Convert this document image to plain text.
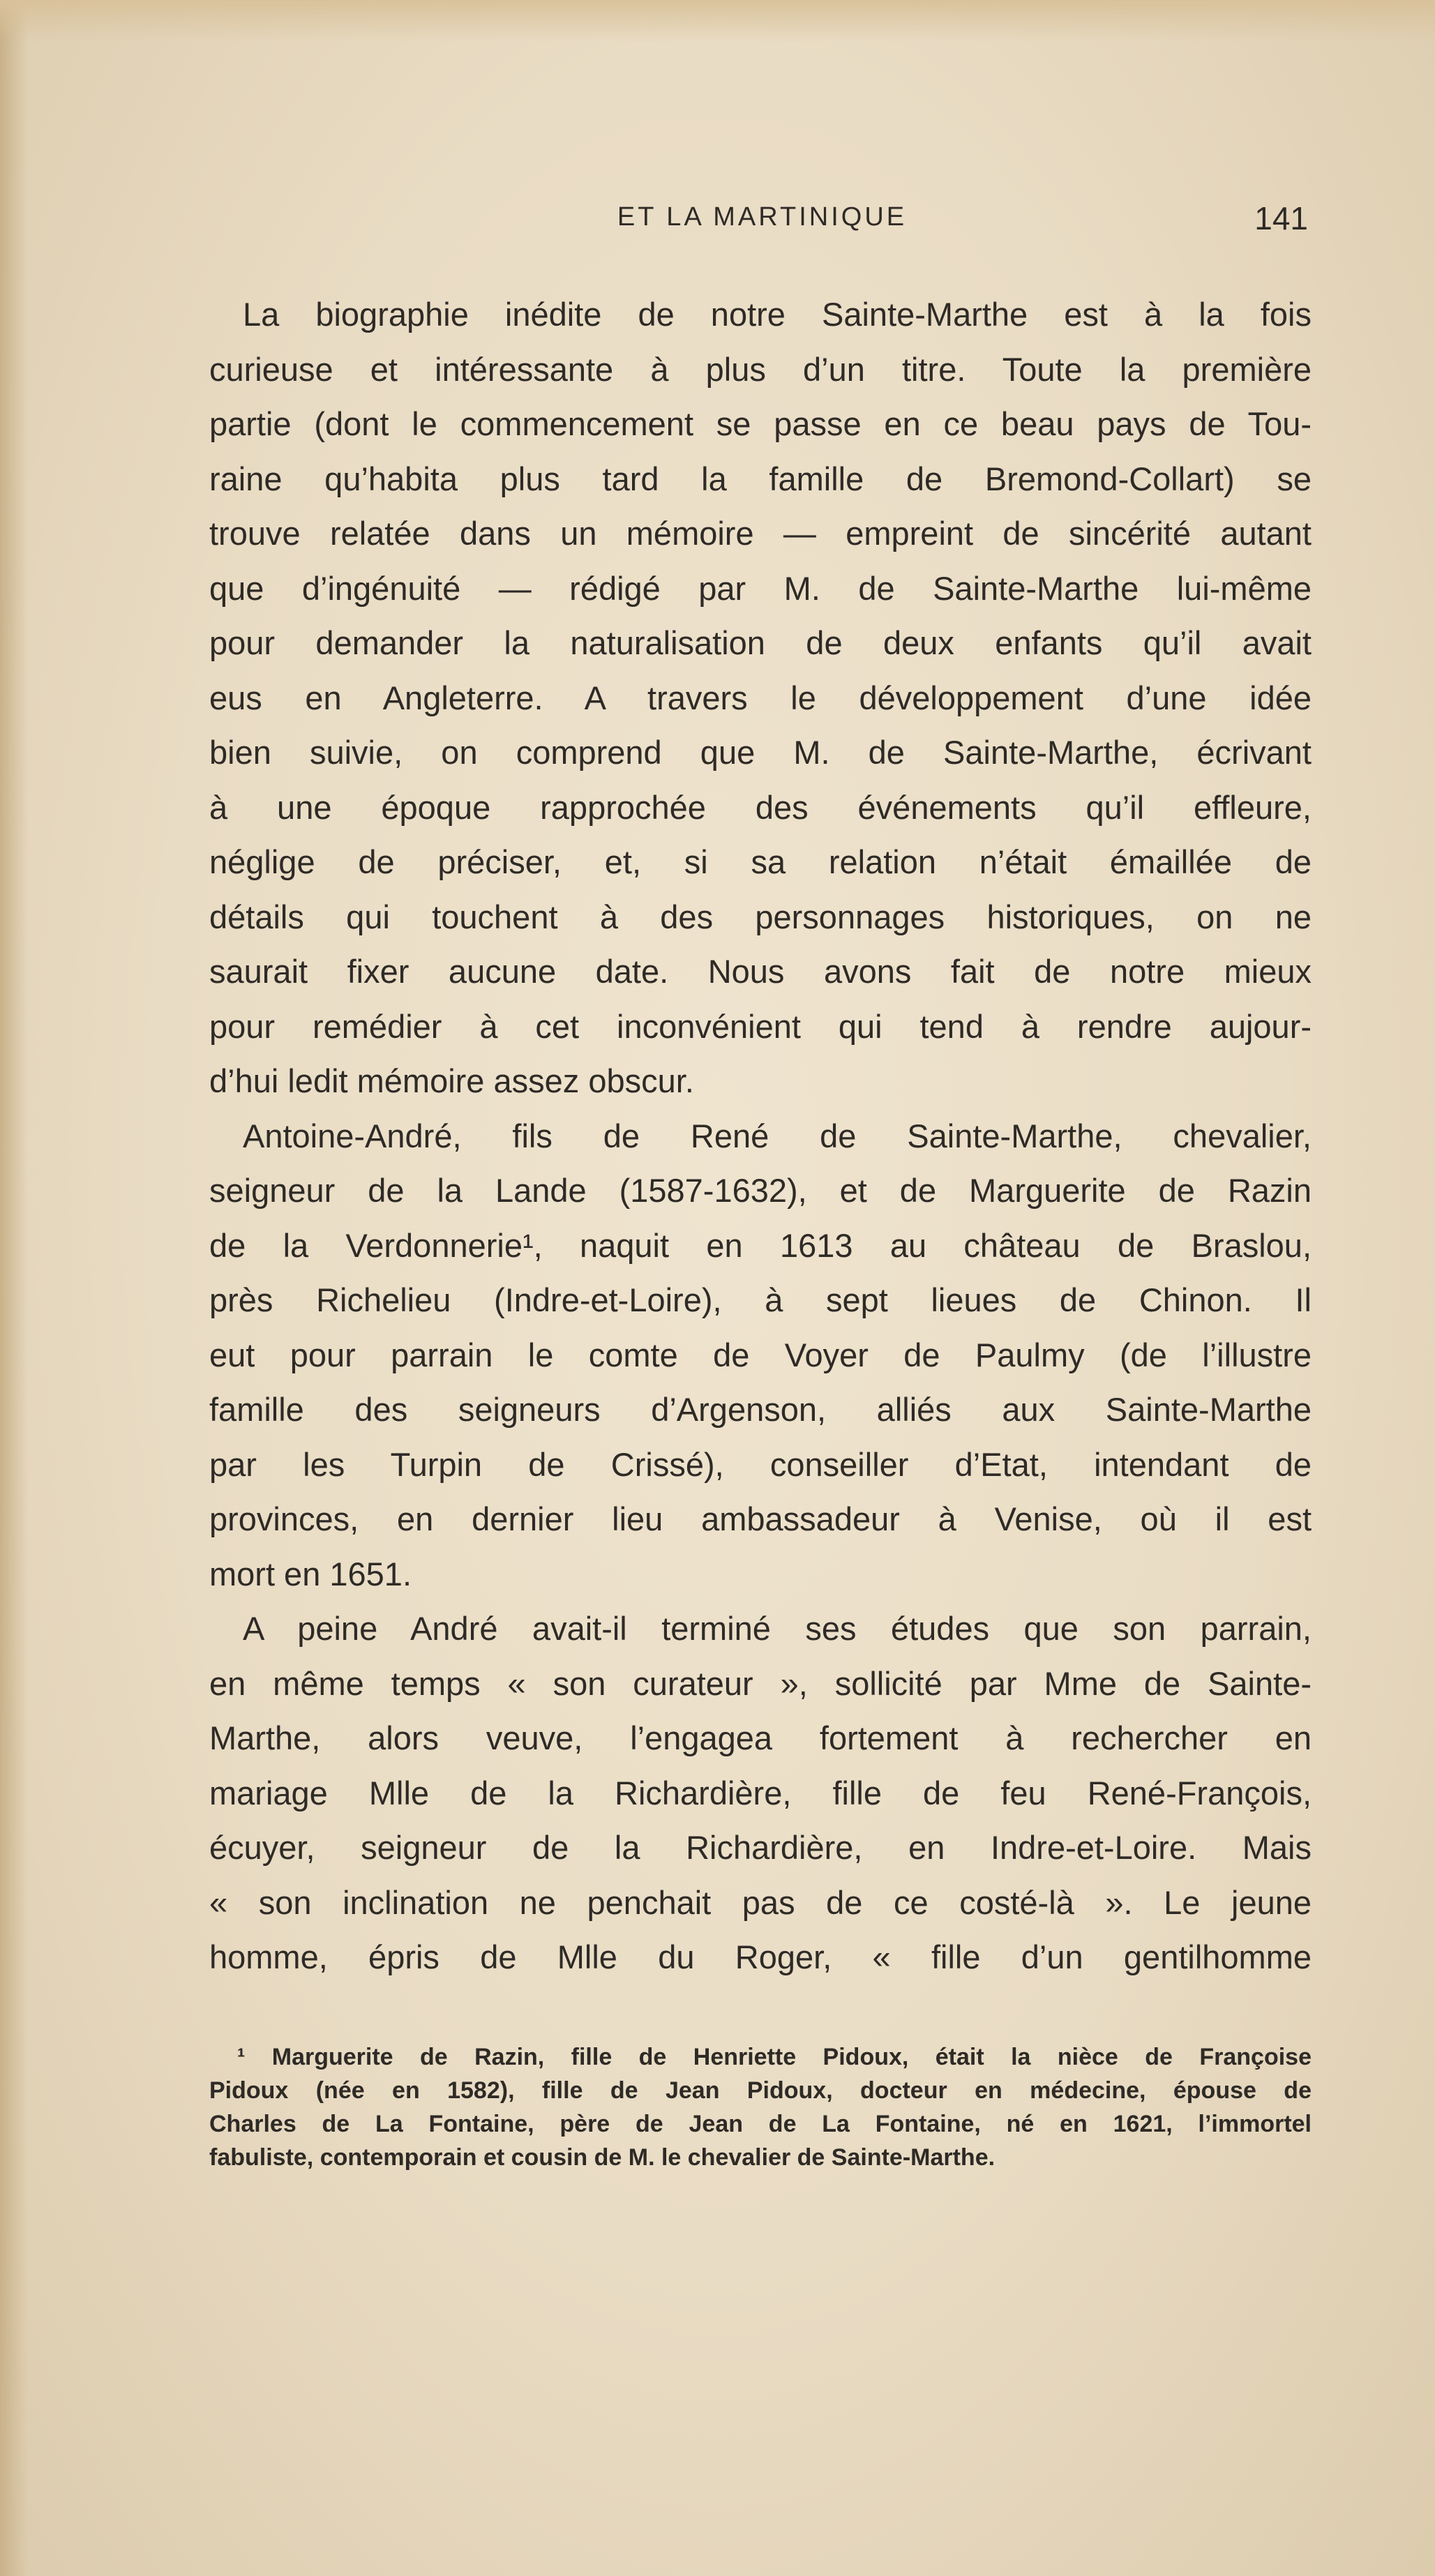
ET LA MARTINIQUE	141
La biographie inédite de notre Sainte-Marthe est à la fois
curieuse et intéressante à plus d’un titre. Toute la première
partie (dont le commencement se passe en ce beau pays de Tou-
raine qu’habita plus tard la famille de Bremond-Collart) se
trouve relatée dans un mémoire — empreint de sincérité autant
que d’ingénuité — rédigé par M. de Sainte-Marthe lui-même
pour demander la naturalisation de deux enfants qu’il avait
eus en Angleterre. A travers le développement d’une idée
bien suivie, on comprend que M. de Sainte-Marthe, écrivant
à une époque rapprochée des événements qu’il effleure,
néglige de préciser, et, si sa relation n’était émaillée de
détails qui touchent à des personnages historiques, on ne
saurait fixer aucune date. Nous avons fait de notre mieux
pour remédier à cet inconvénient qui tend à rendre aujour-
d’hui ledit mémoire assez obscur.
Antoine-André, fils de René de Sainte-Marthe, chevalier,
seigneur de la Lande (1587-1632), et de Marguerite de Razin
de la Verdonnerie¹, naquit en 1613 au château de Braslou,
près Richelieu (Indre-et-Loire), à sept lieues de Chinon. Il
eut pour parrain le comte de Voyer de Paulmy (de l’illustre
famille des seigneurs d’Argenson, alliés aux Sainte-Marthe
par les Turpin de Crissé), conseiller d’Etat, intendant de
provinces, en dernier lieu ambassadeur à Venise, où il est
mort en 1651.
A peine André avait-il terminé ses études que son parrain,
en même temps « son curateur », sollicité par Mme de Sainte-
Marthe, alors veuve, l’engagea fortement à rechercher en
mariage Mlle de la Richardière, fille de feu René-François,
écuyer, seigneur de la Richardière, en Indre-et-Loire. Mais
« son inclination ne penchait pas de ce costé-là ». Le jeune
homme, épris de Mlle du Roger, « fille d’un gentilhomme
¹ Marguerite de Razin, fille de Henriette Pidoux, était la nièce de Françoise
Pidoux (née en 1582), fille de Jean Pidoux, docteur en médecine, épouse de
Charles de La Fontaine, père de Jean de La Fontaine, né en 1621, l’immortel
fabuliste, contemporain et cousin de M. le chevalier de Sainte-Marthe.
